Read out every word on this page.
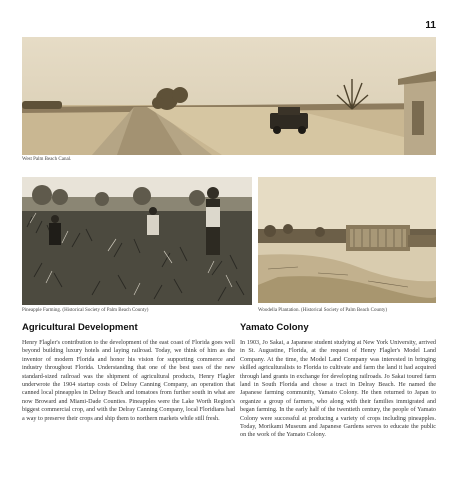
11
West Palm Beach Canal.
Pineapple Farming. (Historical Society of Palm Beach County)	Woodella Plantation. (Historical Society of Palm Beach County)
Agricultural Development

Henry Flagler's contribution to the development of the east coast of Florida goes well beyond building luxury hotels and laying railroad. Today, we think of him as the inventor of modern Florida and honor his vision for supporting commerce and industry throughout Florida. Understanding that one of the best uses of the new standard-sized railroad was the shipment of agricultural products, Henry Flagler underwrote the 1904 startup costs of Delray Canning Company, an operation that canned local pineapples in Delray Beach and tomatoes from further south in what are now Broward and Miami-Dade Counties. Pineapples were the Lake Worth Region's biggest commercial crop, and with the Delray Canning Company, local Floridians had a way to preserve their crops and ship them to northern markets while still fresh.

Yamato Colony

In 1903, Jo Sakai, a Japanese student studying at New York University, arrived in St. Augustine, Florida, at the request of Henry Flagler's Model Land Company. At the time, the Model Land Company was interested in bringing skilled agriculturalists to Florida to cultivate and farm the land it had acquired through land grants in exchange for developing railroads. Jo Sakai toured farm land in South Florida and chose a tract in Delray Beach. He named the Japanese farming community, Yamato Colony. He then returned to Japan to organize a group of farmers, who along with their families immigrated and began farming. In the early half of the twentieth century, the people of Yamato Colony were successful at producing a variety of crops including pineapples. Today, Morikami Museum and Japanese Gardens serves to educate the public on the work of the Yamato Colony.
